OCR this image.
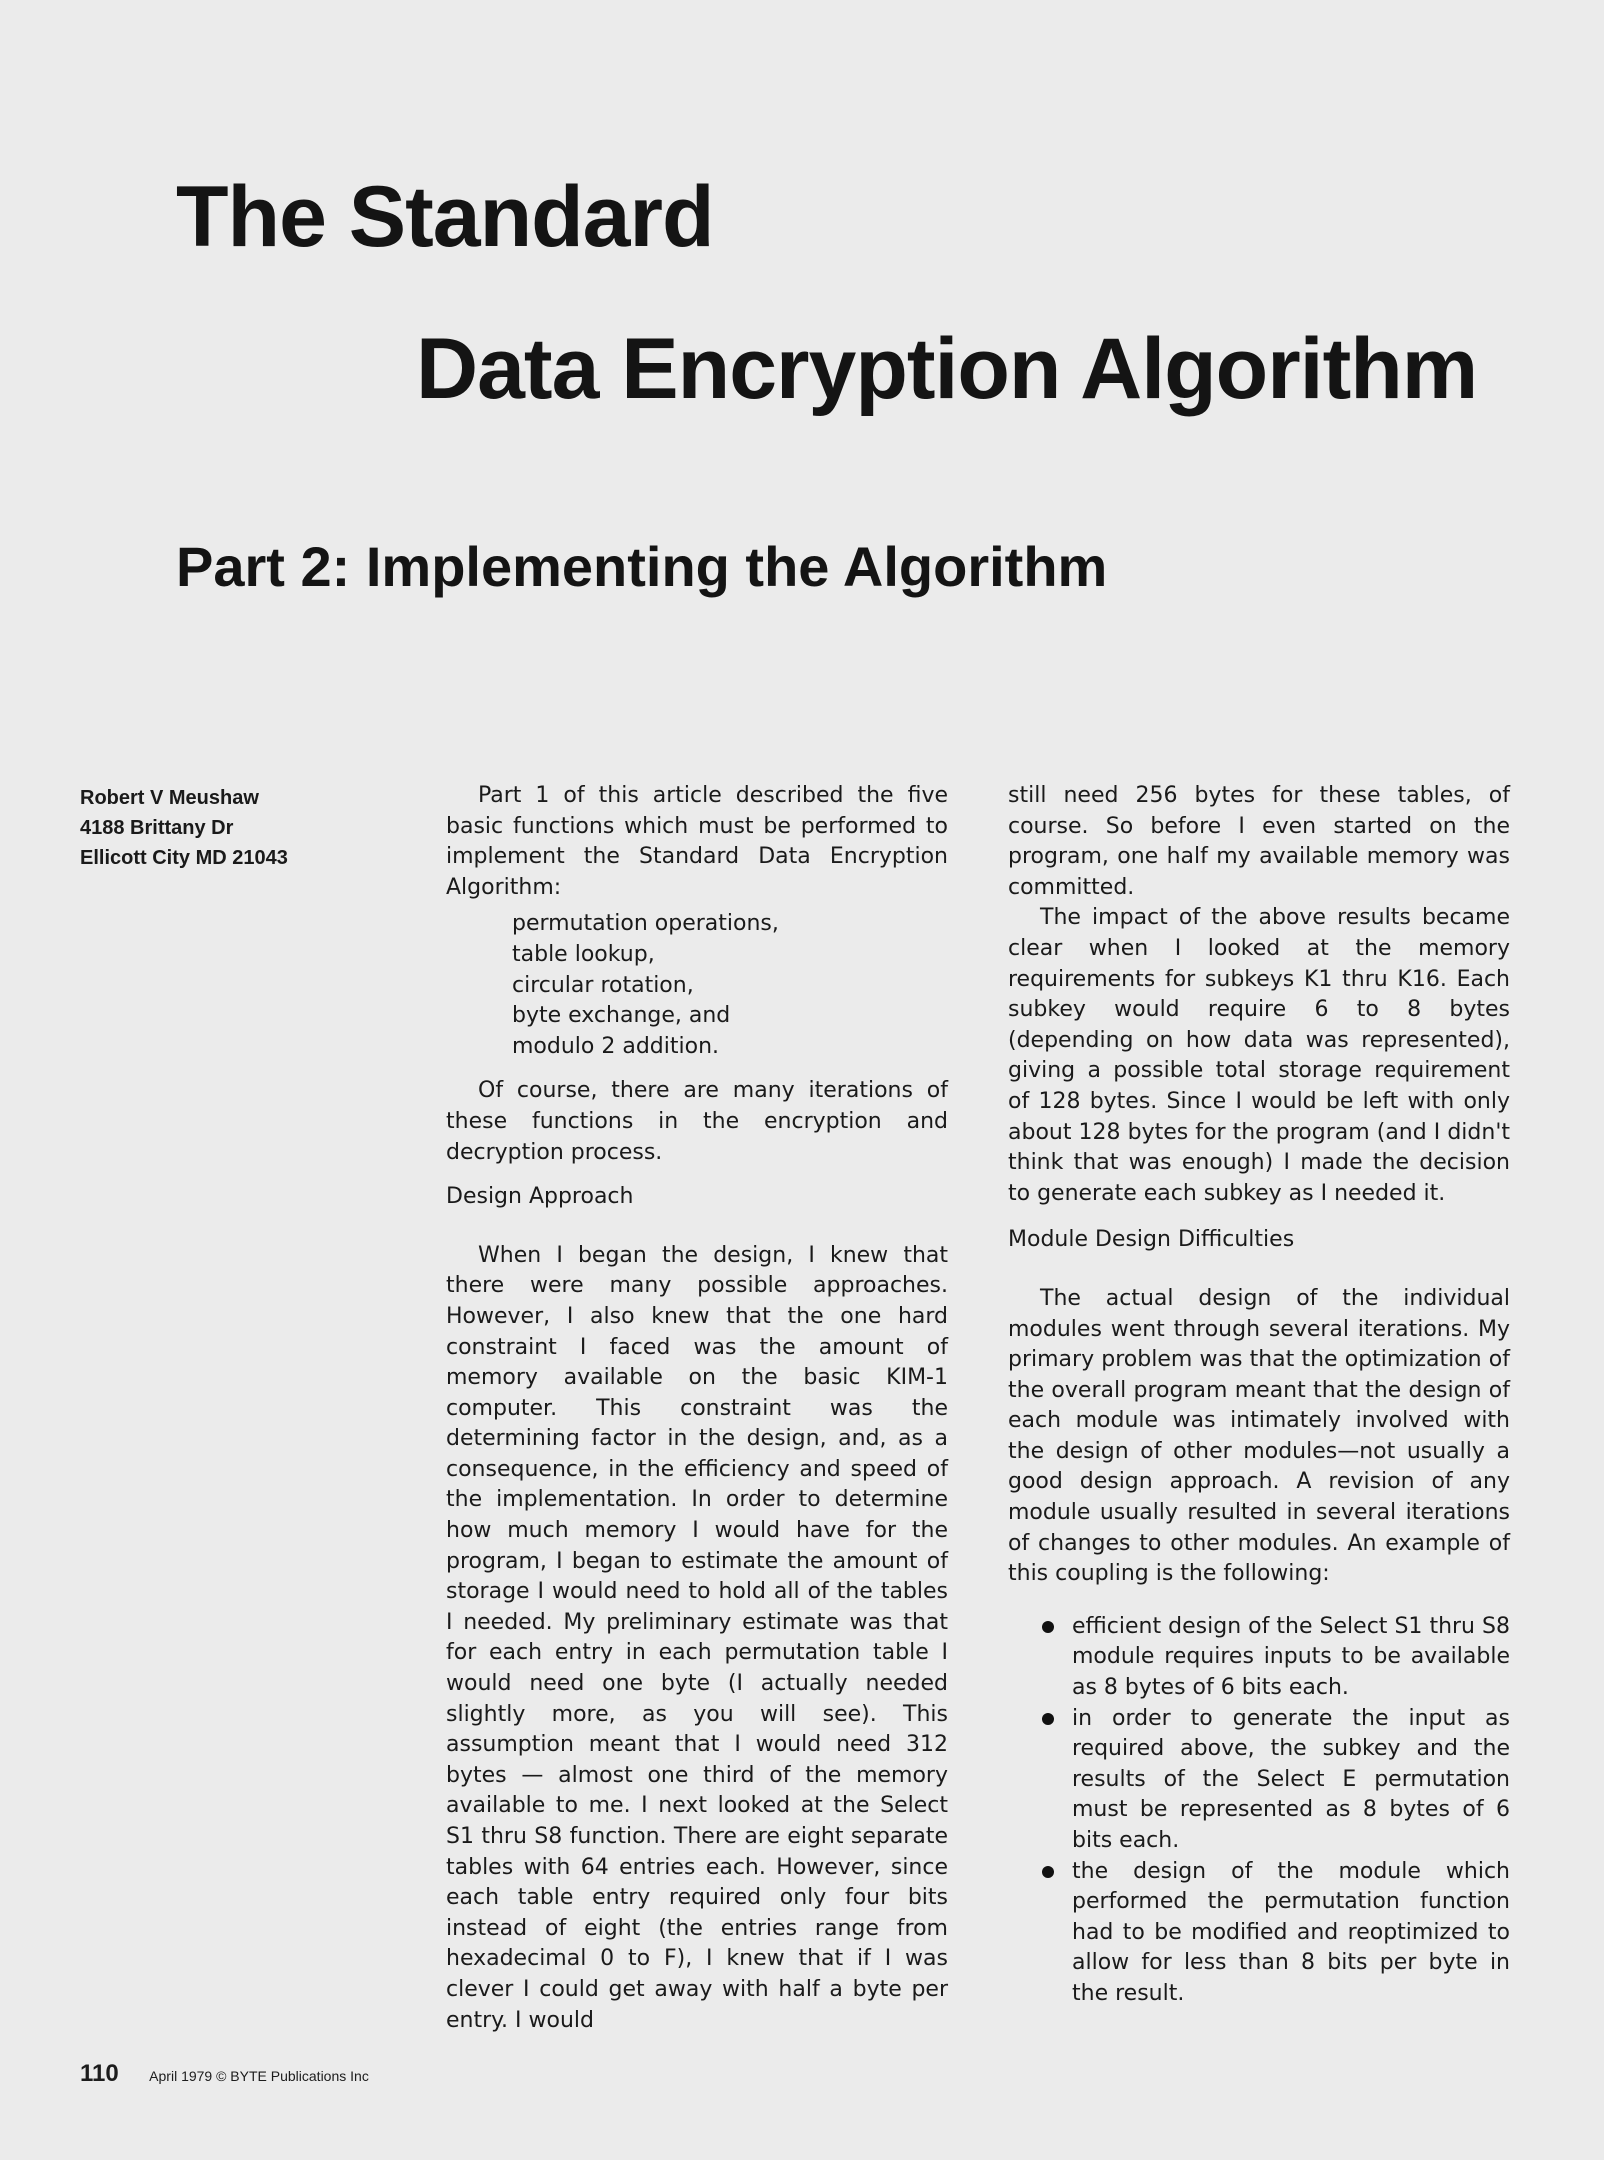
The Standard
Data Encryption Algorithm
Part 2: Implementing the Algorithm
Robert V Meushaw
4188 Brittany Dr
Ellicott City MD 21043

Part 1 of this article described the five basic functions which must be performed to implement the Standard Data Encryption Algorithm:

permutation operations,
table lookup,
circular rotation,
byte exchange, and
modulo 2 addition.

Of course, there are many iterations of these functions in the encryption and decryption process.

Design Approach

When I began the design, I knew that there were many possible approaches. However, I also knew that the one hard constraint I faced was the amount of memory available on the basic KIM-1 computer. This constraint was the determining factor in the design, and, as a consequence, in the efficiency and speed of the implementation. In order to determine how much memory I would have for the program, I began to estimate the amount of storage I would need to hold all of the tables I needed. My preliminary estimate was that for each entry in each permutation table I would need one byte (I actually needed slightly more, as you will see). This assumption meant that I would need 312 bytes — almost one third of the memory available to me. I next looked at the Select S1 thru S8 function. There are eight separate tables with 64 entries each. However, since each table entry required only four bits instead of eight (the entries range from hexadecimal 0 to F), I knew that if I was clever I could get away with half a byte per entry. I would

still need 256 bytes for these tables, of course. So before I even started on the program, one half my available memory was committed.

The impact of the above results became clear when I looked at the memory requirements for subkeys K1 thru K16. Each subkey would require 6 to 8 bytes (depending on how data was represented), giving a possible total storage requirement of 128 bytes. Since I would be left with only about 128 bytes for the program (and I didn't think that was enough) I made the decision to generate each subkey as I needed it.

Module Design Difficulties

The actual design of the individual modules went through several iterations. My primary problem was that the optimization of the overall program meant that the design of each module was intimately involved with the design of other modules—not usually a good design approach. A revision of any module usually resulted in several iterations of changes to other modules. An example of this coupling is the following:

efficient design of the Select S1 thru S8 module requires inputs to be available as 8 bytes of 6 bits each.
in order to generate the input as required above, the subkey and the results of the Select E permutation must be represented as 8 bytes of 6 bits each.
the design of the module which performed the permutation function had to be modified and reoptimized to allow for less than 8 bits per byte in the result.
110 April 1979 © BYTE Publications Inc
